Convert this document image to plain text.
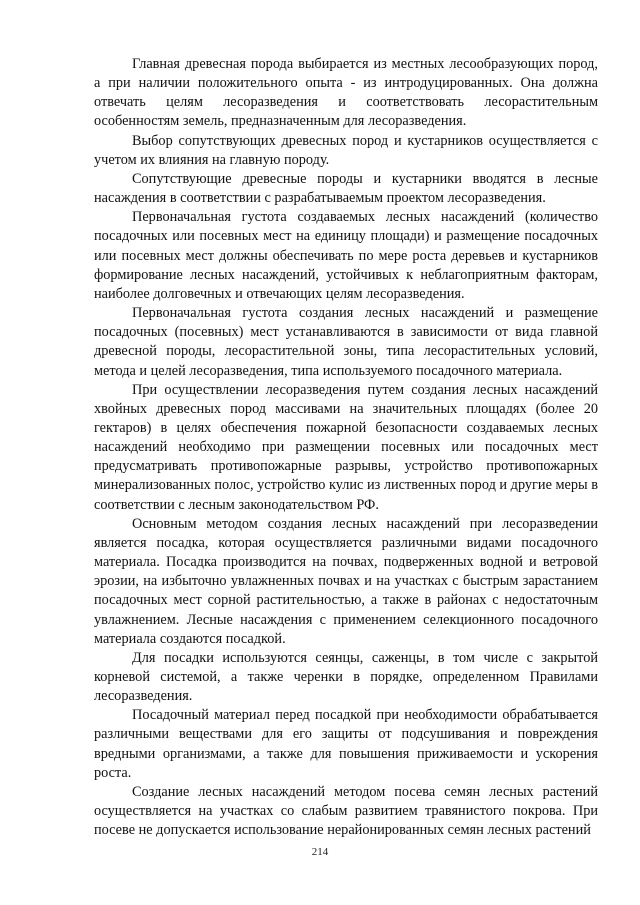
Главная древесная порода выбирается из местных лесообразующих пород, а при наличии положительного опыта - из интродуцированных. Она должна отвечать целям лесоразведения и соответствовать лесорастительным особенностям земель, предназначенным для лесоразведения.

Выбор сопутствующих древесных пород и кустарников осуществляется с учетом их влияния на главную породу.

Сопутствующие древесные породы и кустарники вводятся в лесные насаждения в соответствии с разрабатываемым проектом лесоразведения.

Первоначальная густота создаваемых лесных насаждений (количество посадочных или посевных мест на единицу площади) и размещение посадочных или посевных мест должны обеспечивать по мере роста деревьев и кустарников формирование лесных насаждений, устойчивых к неблагоприятным факторам, наиболее долговечных и отвечающих целям лесоразведения.

Первоначальная густота создания лесных насаждений и размещение посадочных (посевных) мест устанавливаются в зависимости от вида главной древесной породы, лесорастительной зоны, типа лесорастительных условий, метода и целей лесоразведения, типа используемого посадочного материала.

При осуществлении лесоразведения путем создания лесных насаждений хвойных древесных пород массивами на значительных площадях (более 20 гектаров) в целях обеспечения пожарной безопасности создаваемых лесных насаждений необходимо при размещении посевных или посадочных мест предусматривать противопожарные разрывы, устройство противопожарных минерализованных полос, устройство кулис из лиственных пород и другие меры в соответствии с лесным законодательством РФ.

Основным методом создания лесных насаждений при лесоразведении является посадка, которая осуществляется различными видами посадочного материала. Посадка производится на почвах, подверженных водной и ветровой эрозии, на избыточно увлажненных почвах и на участках с быстрым зарастанием посадочных мест сорной растительностью, а также в районах с недостаточным увлажнением. Лесные насаждения с применением селекционного посадочного материала создаются посадкой.

Для посадки используются сеянцы, саженцы, в том числе с закрытой корневой системой, а также черенки в порядке, определенном Правилами лесоразведения.

Посадочный материал перед посадкой при необходимости обрабатывается различными веществами для его защиты от подсушивания и повреждения вредными организмами, а также для повышения приживаемости и ускорения роста.

Создание лесных насаждений методом посева семян лесных растений осуществляется на участках со слабым развитием травянистого покрова. При посеве не допускается использование нерайонированных семян лесных растений

214
